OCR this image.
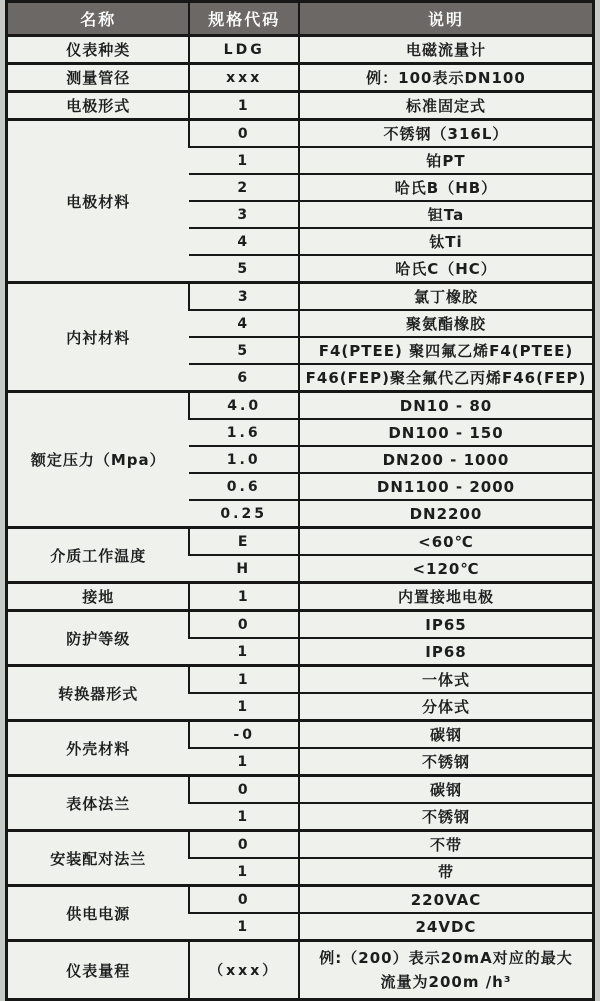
名称	规格代码	说明
仪表种类	LDG	电磁流量计
测量管径	xxx	例：100表示DN100
电极形式	1	标准固定式
电极材料	0	不锈钢（316L）
	1	铂PT
	2	哈氏B（HB）
	3	钽Ta
	4	钛Ti
	5	哈氏C（HC）
内衬材料	3	氯丁橡胶
	4	聚氨酯橡胶
	5	F4(PTEE) 聚四氟乙烯F4(PTEE)
	6	F46(FEP)聚全氟代乙丙烯F46(FEP)
额定压力（Mpa）	4.0	DN10 - 80
	1.6	DN100 - 150
	1.0	DN200 - 1000
	0.6	DN1100 - 2000
	0.25	DN2200
介质工作温度	E	<60℃
	H	<120℃
接地	1	内置接地电极
防护等级	0	IP65
	1	IP68
转换器形式	1	一体式
	1	分体式
外壳材料	-0	碳钢
	1	不锈钢
表体法兰	0	碳钢
	1	不锈钢
安装配对法兰	0	不带
	1	带
供电电源	0	220VAC
	1	24VDC
仪表量程	（xxx）	例:（200）表示20mA对应的最大 流量为200m /h³
